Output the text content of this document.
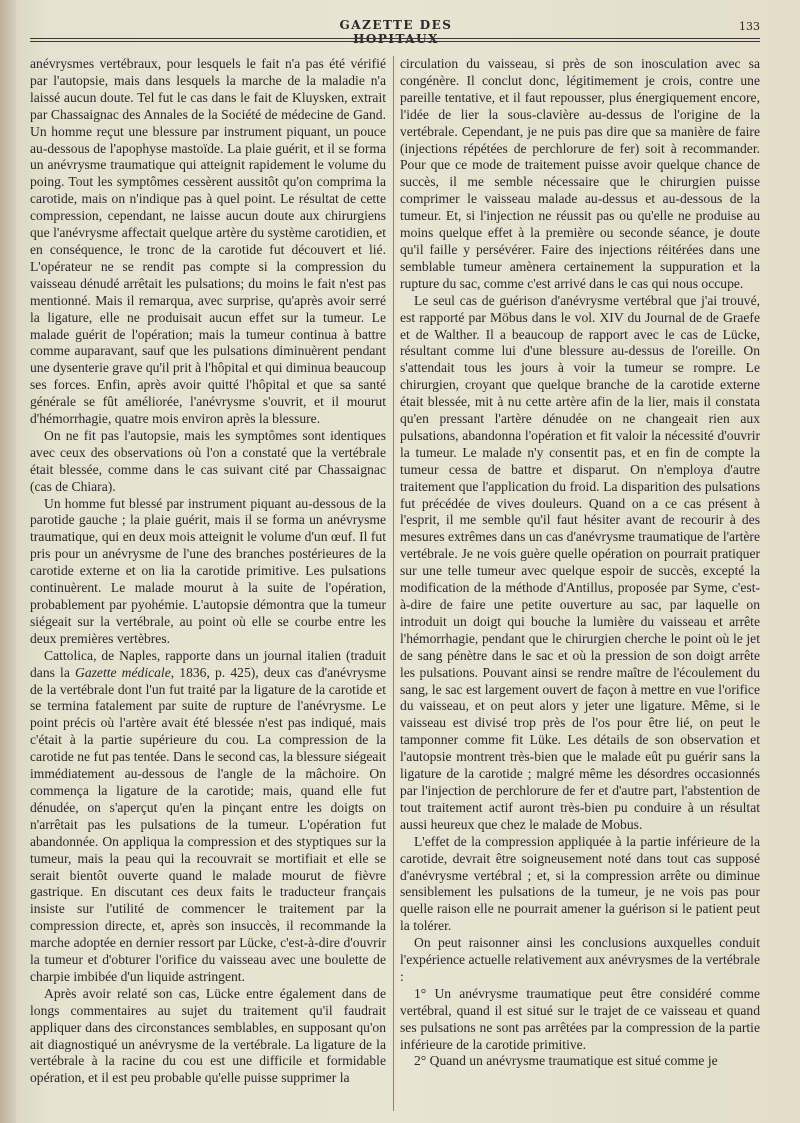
GAZETTE DES HOPITAUX
133

anévrysmes vertébraux, pour lesquels le fait n'a pas été vérifié par l'autopsie, mais dans lesquels la marche de la maladie n'a laissé aucun doute. Tel fut le cas dans le fait de Kluysken, extrait par Chassaignac des Annales de la Société de médecine de Gand. Un homme reçut une blessure par instrument piquant, un pouce au-dessous de l'apophyse mastoïde. La plaie guérit, et il se forma un anévrysme traumatique qui atteignit rapidement le volume du poing. Tout les symptômes cessèrent aussitôt qu'on comprima la carotide, mais on n'indique pas à quel point. Le résultat de cette compression, cependant, ne laisse aucun doute aux chirurgiens que l'anévrysme affectait quelque artère du système carotidien, et en conséquence, le tronc de la carotide fut découvert et lié. L'opérateur ne se rendit pas compte si la compression du vaisseau dénudé arrêtait les pulsations; du moins le fait n'est pas mentionné. Mais il remarqua, avec surprise, qu'après avoir serré la ligature, elle ne produisait aucun effet sur la tumeur. Le malade guérit de l'opération; mais la tumeur continua à battre comme auparavant, sauf que les pulsations diminuèrent pendant une dysenterie grave qu'il prit à l'hôpital et qui diminua beaucoup ses forces. Enfin, après avoir quitté l'hôpital et que sa santé générale se fût améliorée, l'anévrysme s'ouvrit, et il mourut d'hémorrhagie, quatre mois environ après la blessure.

On ne fit pas l'autopsie, mais les symptômes sont identiques avec ceux des observations où l'on a constaté que la vertébrale était blessée, comme dans le cas suivant cité par Chassaignac (cas de Chiara).

Un homme fut blessé par instrument piquant au-dessous de la parotide gauche ; la plaie guérit, mais il se forma un anévrysme traumatique, qui en deux mois atteignit le volume d'un œuf. Il fut pris pour un anévrysme de l'une des branches postérieures de la carotide externe et on lia la carotide primitive. Les pulsations continuèrent. Le malade mourut à la suite de l'opération, probablement par pyohémie. L'autopsie démontra que la tumeur siégeait sur la vertébrale, au point où elle se courbe entre les deux premières vertèbres.

Cattolica, de Naples, rapporte dans un journal italien (traduit dans la Gazette médicale, 1836, p. 425), deux cas d'anévrysme de la vertébrale dont l'un fut traité par la ligature de la carotide et se termina fatalement par suite de rupture de l'anévrysme. Le point précis où l'artère avait été blessée n'est pas indiqué, mais c'était à la partie supérieure du cou. La compression de la carotide ne fut pas tentée. Dans le second cas, la blessure siégeait immédiatement au-dessous de l'angle de la mâchoire. On commença la ligature de la carotide; mais, quand elle fut dénudée, on s'aperçut qu'en la pinçant entre les doigts on n'arrêtait pas les pulsations de la tumeur. L'opération fut abandonnée. On appliqua la compression et des styptiques sur la tumeur, mais la peau qui la recouvrait se mortifiait et elle se serait bientôt ouverte quand le malade mourut de fièvre gastrique. En discutant ces deux faits le traducteur français insiste sur l'utilité de commencer le traitement par la compression directe, et, après son insuccès, il recommande la marche adoptée en dernier ressort par Lücke, c'est-à-dire d'ouvrir la tumeur et d'obturer l'orifice du vaisseau avec une boulette de charpie imbibée d'un liquide astringent.

Après avoir relaté son cas, Lücke entre également dans de longs commentaires au sujet du traitement qu'il faudrait appliquer dans des circonstances semblables, en supposant qu'on ait diagnostiqué un anévrysme de la vertébrale. La ligature de la vertébrale à la racine du cou est une difficile et formidable opération, et il est peu probable qu'elle puisse supprimer la

circulation du vaisseau, si près de son inosculation avec sa congénère. Il conclut donc, légitimement je crois, contre une pareille tentative, et il faut repousser, plus énergiquement encore, l'idée de lier la sous-clavière au-dessus de l'origine de la vertébrale. Cependant, je ne puis pas dire que sa manière de faire (injections répétées de perchlorure de fer) soit à recommander. Pour que ce mode de traitement puisse avoir quelque chance de succès, il me semble nécessaire que le chirurgien puisse comprimer le vaisseau malade au-dessus et au-dessous de la tumeur. Et, si l'injection ne réussit pas ou qu'elle ne produise au moins quelque effet à la première ou seconde séance, je doute qu'il faille y persévérer. Faire des injections réitérées dans une semblable tumeur amènera certainement la suppuration et la rupture du sac, comme c'est arrivé dans le cas qui nous occupe.

Le seul cas de guérison d'anévrysme vertébral que j'ai trouvé, est rapporté par Möbus dans le vol. XIV du Journal de de Graefe et de Walther. Il a beaucoup de rapport avec le cas de Lücke, résultant comme lui d'une blessure au-dessus de l'oreille. On s'attendait tous les jours à voir la tumeur se rompre. Le chirurgien, croyant que quelque branche de la carotide externe était blessée, mit à nu cette artère afin de la lier, mais il constata qu'en pressant l'artère dénudée on ne changeait rien aux pulsations, abandonna l'opération et fit valoir la nécessité d'ouvrir la tumeur. Le malade n'y consentit pas, et en fin de compte la tumeur cessa de battre et disparut. On n'employa d'autre traitement que l'application du froid. La disparition des pulsations fut précédée de vives douleurs. Quand on a ce cas présent à l'esprit, il me semble qu'il faut hésiter avant de recourir à des mesures extrêmes dans un cas d'anévrysme traumatique de l'artère vertébrale. Je ne vois guère quelle opération on pourrait pratiquer sur une telle tumeur avec quelque espoir de succès, excepté la modification de la méthode d'Antillus, proposée par Syme, c'est-à-dire de faire une petite ouverture au sac, par laquelle on introduit un doigt qui bouche la lumière du vaisseau et arrête l'hémorrhagie, pendant que le chirurgien cherche le point où le jet de sang pénètre dans le sac et où la pression de son doigt arrête les pulsations. Pouvant ainsi se rendre maître de l'écoulement du sang, le sac est largement ouvert de façon à mettre en vue l'orifice du vaisseau, et on peut alors y jeter une ligature. Même, si le vaisseau est divisé trop près de l'os pour être lié, on peut le tamponner comme fit Lüke. Les détails de son observation et l'autopsie montrent très-bien que le malade eût pu guérir sans la ligature de la carotide ; malgré même les désordres occasionnés par l'injection de perchlorure de fer et d'autre part, l'abstention de tout traitement actif auront très-bien pu conduire à un résultat aussi heureux que chez le malade de Mobus.

L'effet de la compression appliquée à la partie inférieure de la carotide, devrait être soigneusement noté dans tout cas supposé d'anévrysme vertébral ; et, si la compression arrête ou diminue sensiblement les pulsations de la tumeur, je ne vois pas pour quelle raison elle ne pourrait amener la guérison si le patient peut la tolérer.

On peut raisonner ainsi les conclusions auxquelles conduit l'expérience actuelle relativement aux anévrysmes de la vertébrale :

1° Un anévrysme traumatique peut être considéré comme vertébral, quand il est situé sur le trajet de ce vaisseau et quand ses pulsations ne sont pas arrêtées par la compression de la partie inférieure de la carotide primitive.

2° Quand un anévrysme traumatique est situé comme je
